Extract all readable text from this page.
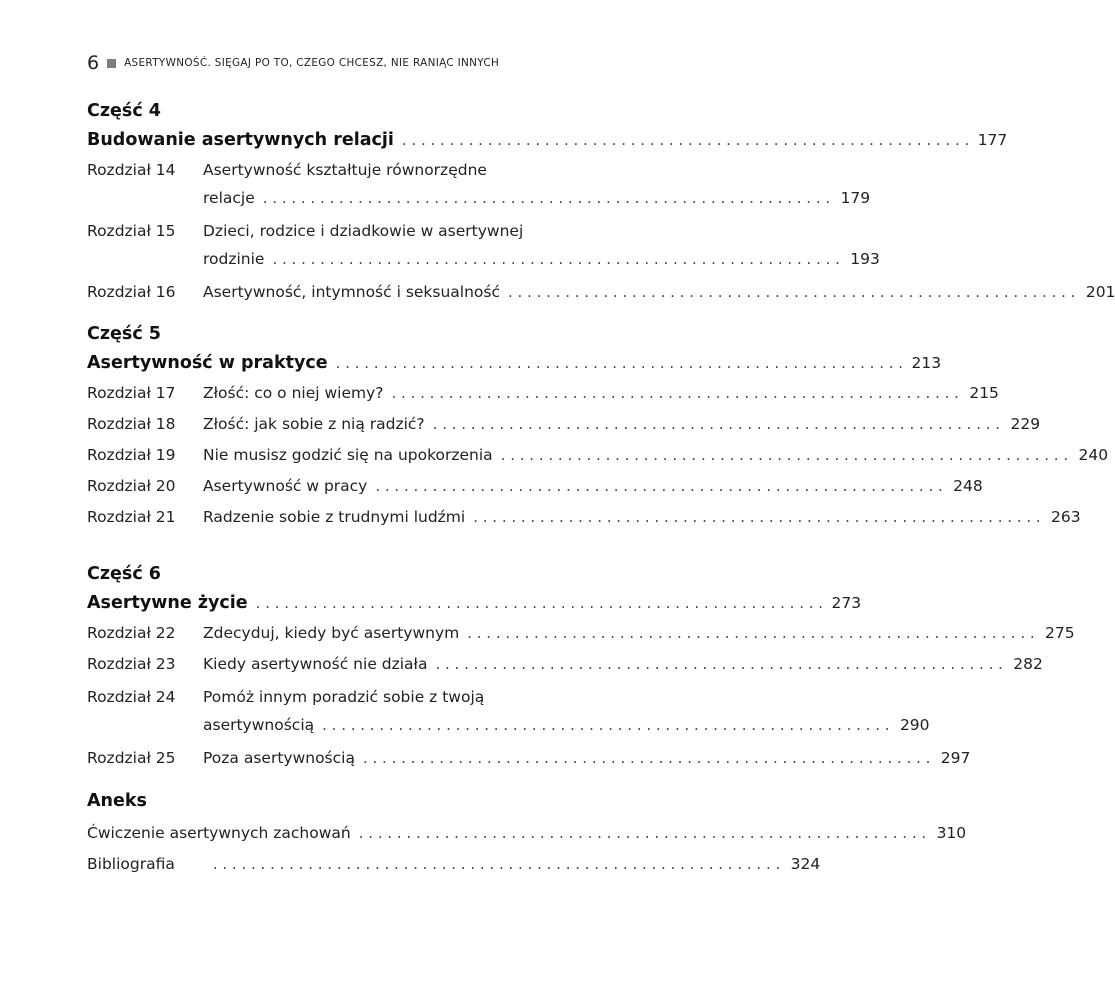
6 ASERTYWNOŚĆ. SIĘGAJ PO TO, CZEGO CHCESZ, NIE RANIĄC INNYCH
Część 4
Budowanie asertywnych relacji . . .	177
Rozdział 14	Asertywność kształtuje równorzędne
relacje . . .	179
Rozdział 15	Dzieci, rodzice i dziadkowie w asertywnej
rodzinie . . .	193
Rozdział 16	Asertywność, intymność i seksualność . . .	201
Część 5
Asertywność w praktyce . . .	213
Rozdział 17	Złość: co o niej wiemy? . . .	215
Rozdział 18	Złość: jak sobie z nią radzić? . . .	229
Rozdział 19	Nie musisz godzić się na upokorzenia . . .	240
Rozdział 20	Asertywność w pracy . . .	248
Rozdział 21	Radzenie sobie z trudnymi ludźmi . . .	263
Część 6
Asertywne życie . . .	273
Rozdział 22	Zdecyduj, kiedy być asertywnym . . .	275
Rozdział 23	Kiedy asertywność nie działa . . .	282
Rozdział 24	Pomóż innym poradzić sobie z twoją
asertywnością . . .	290
Rozdział 25	Poza asertywnością . . .	297
Aneks
Ćwiczenie asertywnych zachowań . . .	310
Bibliografia . . .	324
